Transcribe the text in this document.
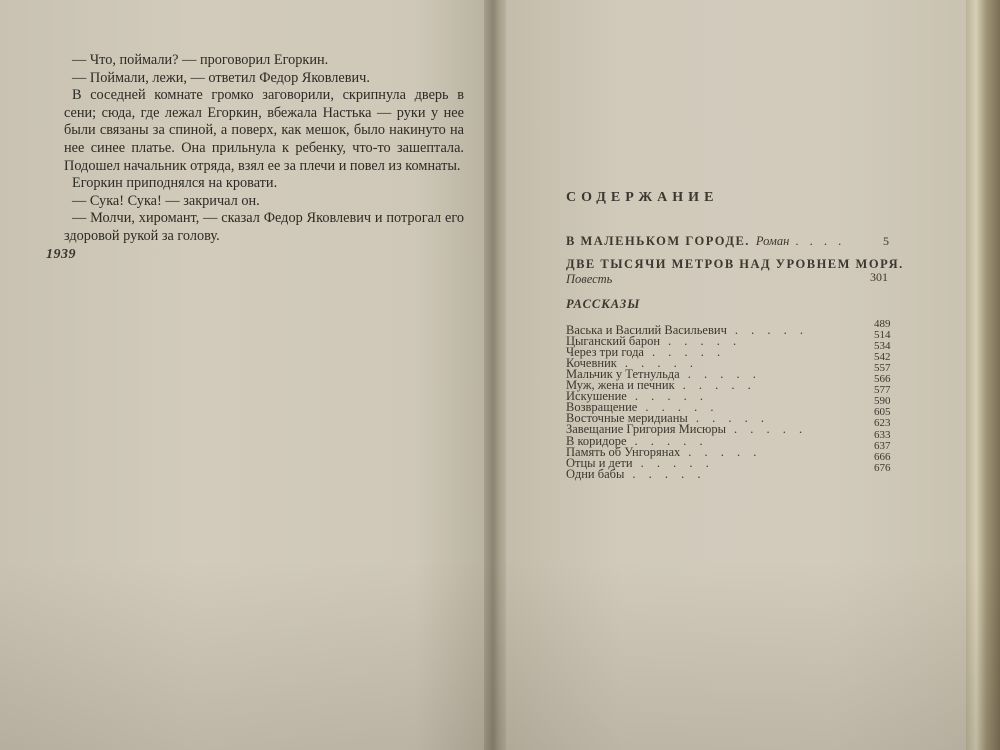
— Что, поймали? — проговорил Егоркин.

— Поймали, лежи, — ответил Федор Яковлевич.

В соседней комнате громко заговорили, скрипнула дверь в сени; сюда, где лежал Егоркин, вбежала Настька — руки у нее были связаны за спиной, а поверх, как мешок, было накинуто на нее синее платье. Она прильнула к ребенку, что-то зашептала. Подошел начальник отряда, взял ее за плечи и повел из комнаты.

Егоркин приподнялся на кровати.

— Сука! Сука! — закричал он.

— Молчи, хиромант, — сказал Федор Яковлевич и потрогал его здоровой рукой за голову.

1939
СОДЕРЖАНИЕ
В МАЛЕНЬКОМ ГОРОДЕ. Роман . . . .	5
ДВЕ ТЫСЯЧИ МЕТРОВ НАД УРОВНЕМ МОРЯ.
Повесть	301
РАССКАЗЫ
Васька и Василий Васильевич . . . . .	489
Цыганский барон . . . . .	514
Через три года . . . . .	534
Кочевник . . . . .	542
Мальчик у Тетнульда . . . . .	557
Муж, жена и печник . . . . .	566
Искушение . . . . .	577
Возвращение . . . . .	590
Восточные меридианы . . . . .	605
Завещание Григория Мисюры . . . . .	623
В коридоре . . . . .	633
Память об Унгорянах . . . . .	637
Отцы и дети . . . . .	666
Одни бабы . . . . .	676
